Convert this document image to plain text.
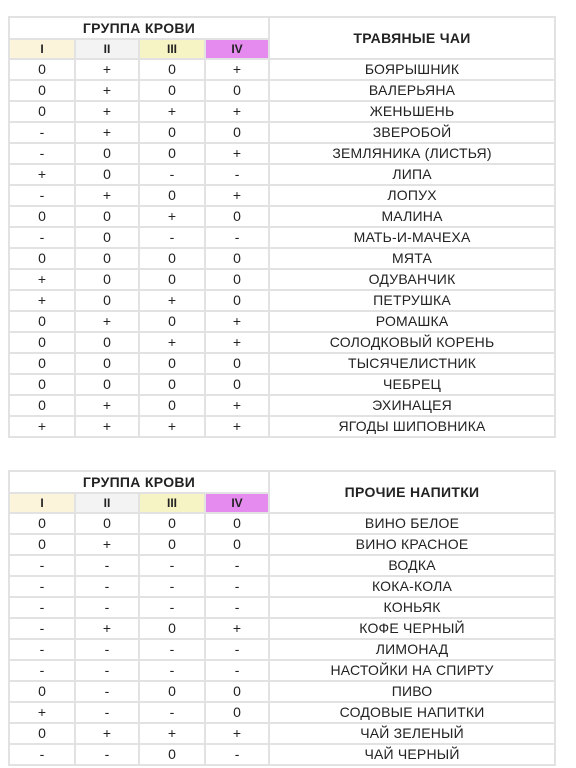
ГРУППА КРОВИ				ТРАВЯНЫЕ ЧАИ
I	II	III	IV	
0	+	0	+	БОЯРЫШНИК
0	+	0	0	ВАЛЕРЬЯНА
0	+	+	+	ЖЕНЬШЕНЬ
-	+	0	0	ЗВЕРОБОЙ
-	0	0	+	ЗЕМЛЯНИКА (ЛИСТЬЯ)
+	0	-	-	ЛИПА
-	+	0	+	ЛОПУХ
0	0	+	0	МАЛИНА
-	0	-	-	МАТЬ-И-МАЧЕХА
0	0	0	0	МЯТА
+	0	0	0	ОДУВАНЧИК
+	0	+	0	ПЕТРУШКА
0	+	0	+	РОМАШКА
0	0	+	+	СОЛОДКОВЫЙ КОРЕНЬ
0	0	0	0	ТЫСЯЧЕЛИСТНИК
0	0	0	0	ЧЕБРЕЦ
0	+	0	+	ЭХИНАЦЕЯ
+	+	+	+	ЯГОДЫ ШИПОВНИКА
ГРУППА КРОВИ				ПРОЧИЕ НАПИТКИ
I	II	III	IV	
0	0	0	0	ВИНО БЕЛОЕ
0	+	0	0	ВИНО КРАСНОЕ
-	-	-	-	ВОДКА
-	-	-	-	КОКА-КОЛА
-	-	-	-	КОНЬЯК
-	+	0	+	КОФЕ ЧЕРНЫЙ
-	-	-	-	ЛИМОНАД
-	-	-	-	НАСТОЙКИ НА СПИРТУ
0	-	0	0	ПИВО
+	-	-	0	СОДОВЫЕ НАПИТКИ
0	+	+	+	ЧАЙ ЗЕЛЕНЫЙ
-	-	0	-	ЧАЙ ЧЕРНЫЙ
